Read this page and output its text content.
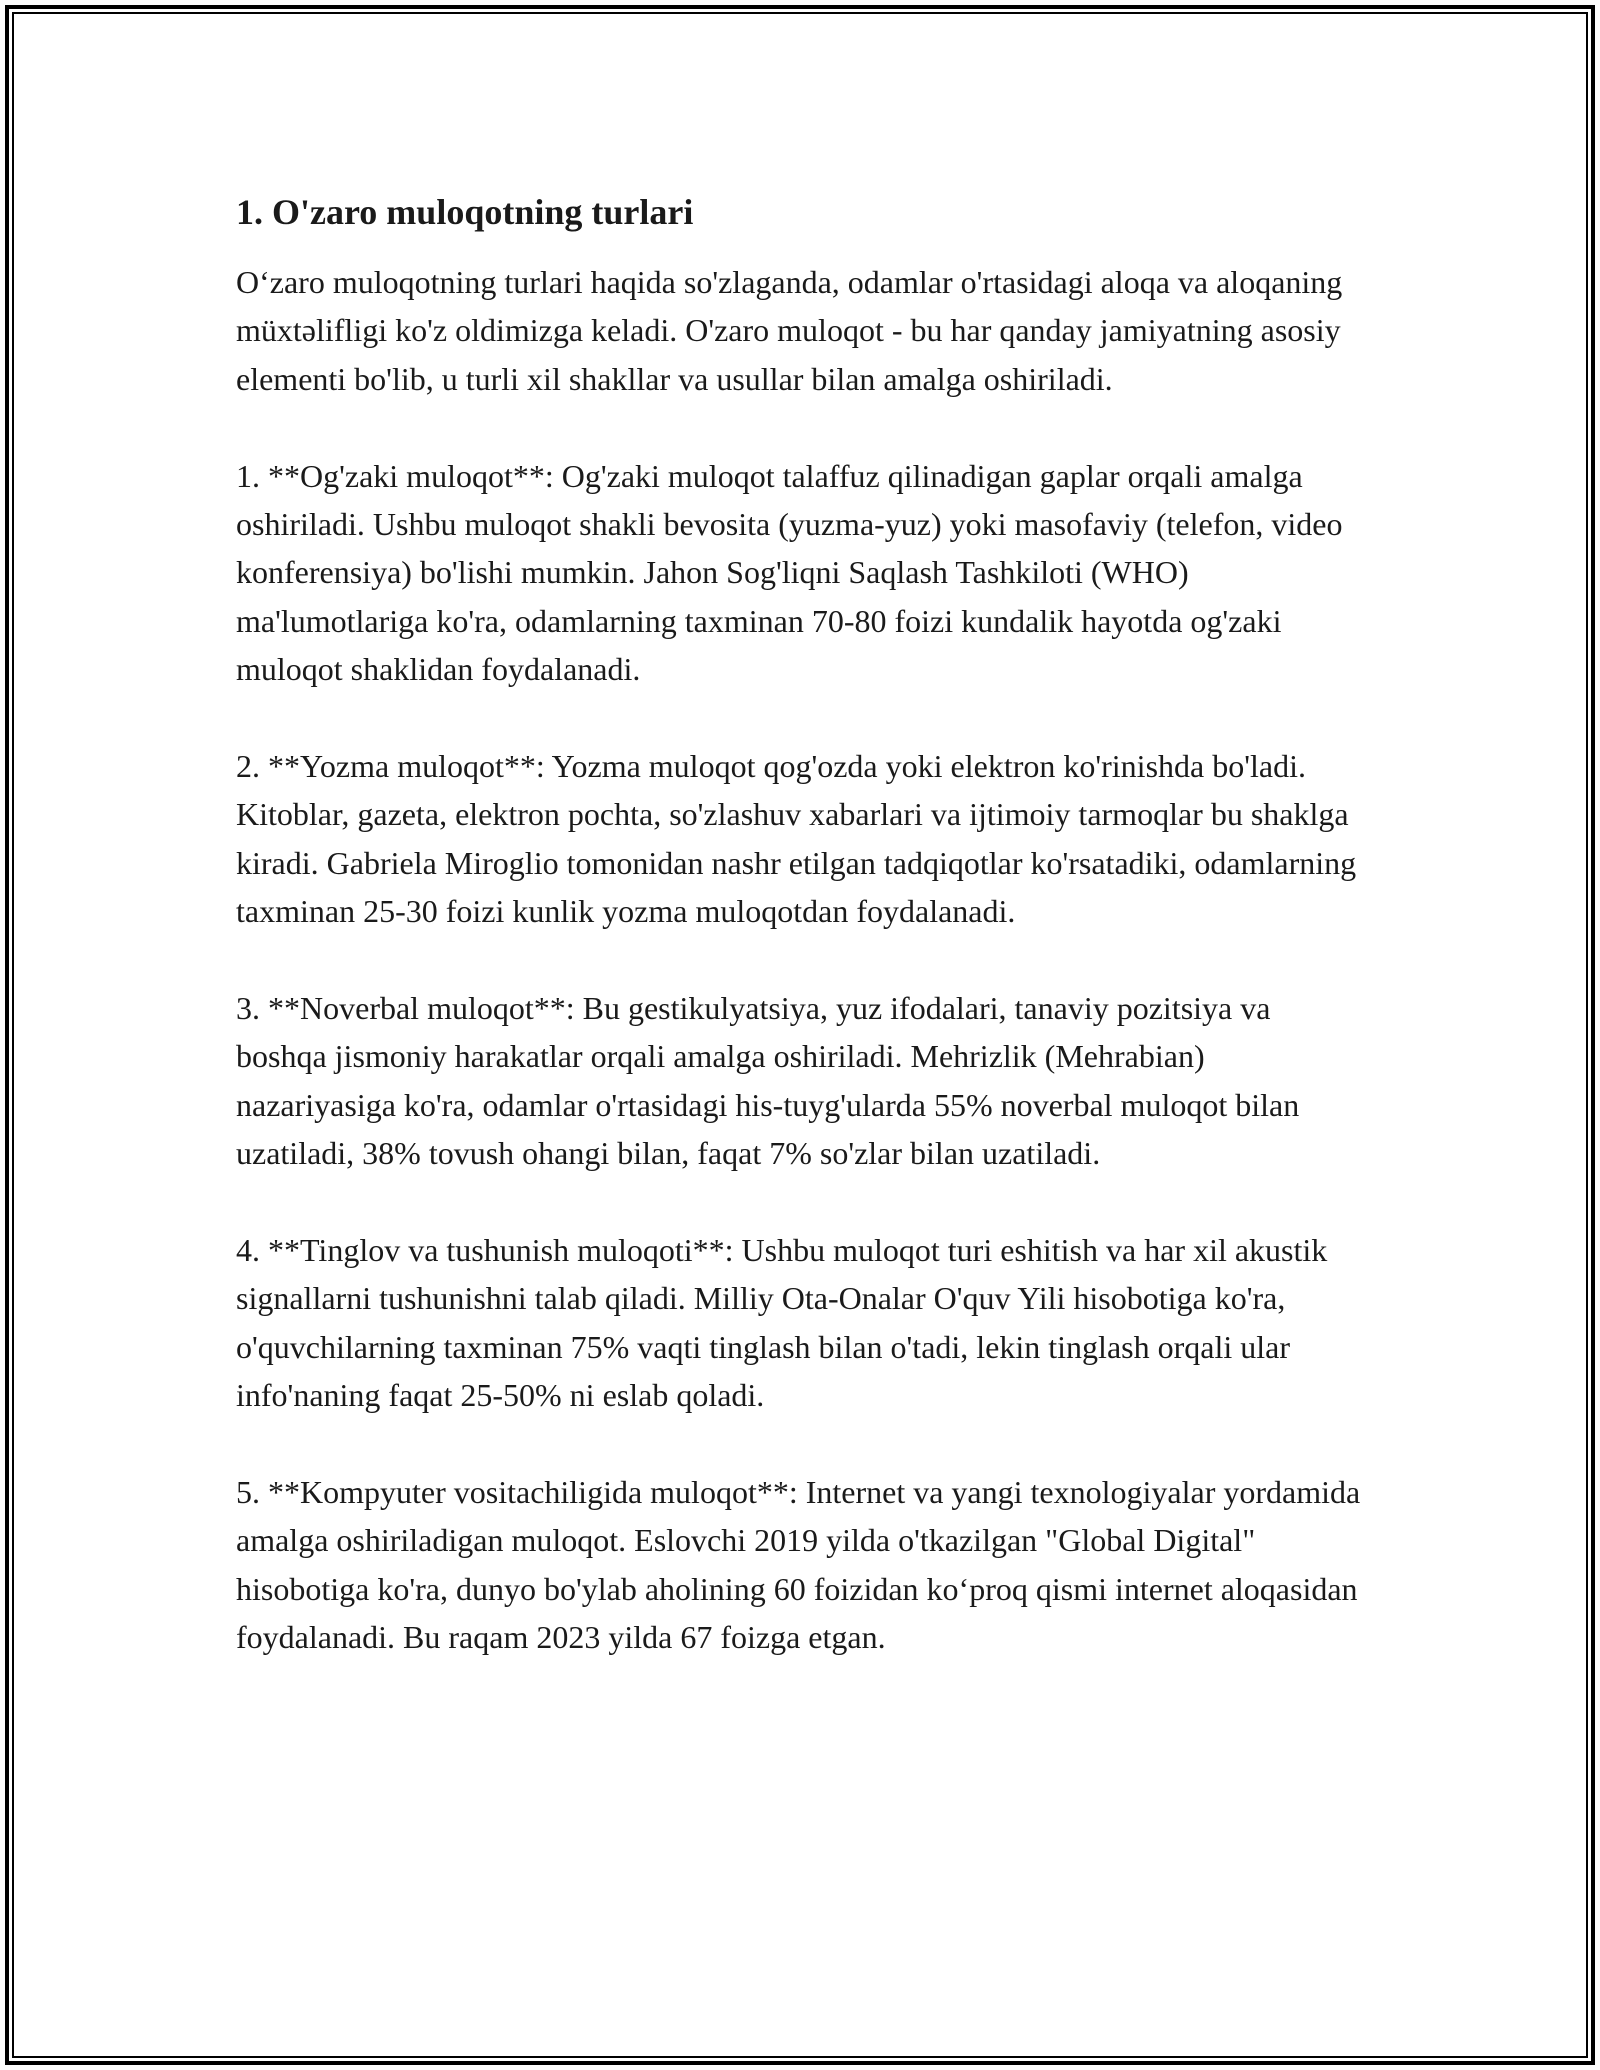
1. O'zaro muloqotning turlari

O‘zaro muloqotning turlari haqida so'zlaganda, odamlar o'rtasidagi aloqa va aloqaning müxtəlifligi ko'z oldimizga keladi. O'zaro muloqot - bu har qanday jamiyatning asosiy elementi bo'lib, u turli xil shakllar va usullar bilan amalga oshiriladi.

1. **Og'zaki muloqot**: Og'zaki muloqot talaffuz qilinadigan gaplar orqali amalga oshiriladi. Ushbu muloqot shakli bevosita (yuzma-yuz) yoki masofaviy (telefon, video konferensiya) bo'lishi mumkin. Jahon Sog'liqni Saqlash Tashkiloti (WHO) ma'lumotlariga ko'ra, odamlarning taxminan 70-80 foizi kundalik hayotda og'zaki muloqot shaklidan foydalanadi.

2. **Yozma muloqot**: Yozma muloqot qog'ozda yoki elektron ko'rinishda bo'ladi. Kitoblar, gazeta, elektron pochta, so'zlashuv xabarlari va ijtimoiy tarmoqlar bu shaklga kiradi. Gabriela Miroglio tomonidan nashr etilgan tadqiqotlar ko'rsatadiki, odamlarning taxminan 25-30 foizi kunlik yozma muloqotdan foydalanadi.

3. **Noverbal muloqot**: Bu gestikulyatsiya, yuz ifodalari, tanaviy pozitsiya va boshqa jismoniy harakatlar orqali amalga oshiriladi. Mehrizlik (Mehrabian) nazariyasiga ko'ra, odamlar o'rtasidagi his-tuyg'ularda 55% noverbal muloqot bilan uzatiladi, 38% tovush ohangi bilan, faqat 7% so'zlar bilan uzatiladi.

4. **Tinglov va tushunish muloqoti**: Ushbu muloqot turi eshitish va har xil akustik signallarni tushunishni talab qiladi. Milliy Ota-Onalar O'quv Yili hisobotiga ko'ra, o'quvchilarning taxminan 75% vaqti tinglash bilan o'tadi, lekin tinglash orqali ular info'naning faqat 25-50% ni eslab qoladi.

5. **Kompyuter vositachiligida muloqot**: Internet va yangi texnologiyalar yordamida amalga oshiriladigan muloqot. Eslovchi 2019 yilda o'tkazilgan "Global Digital" hisobotiga ko'ra, dunyo bo'ylab aholining 60 foizidan ko‘proq qismi internet aloqasidan foydalanadi. Bu raqam 2023 yilda 67 foizga etgan.
